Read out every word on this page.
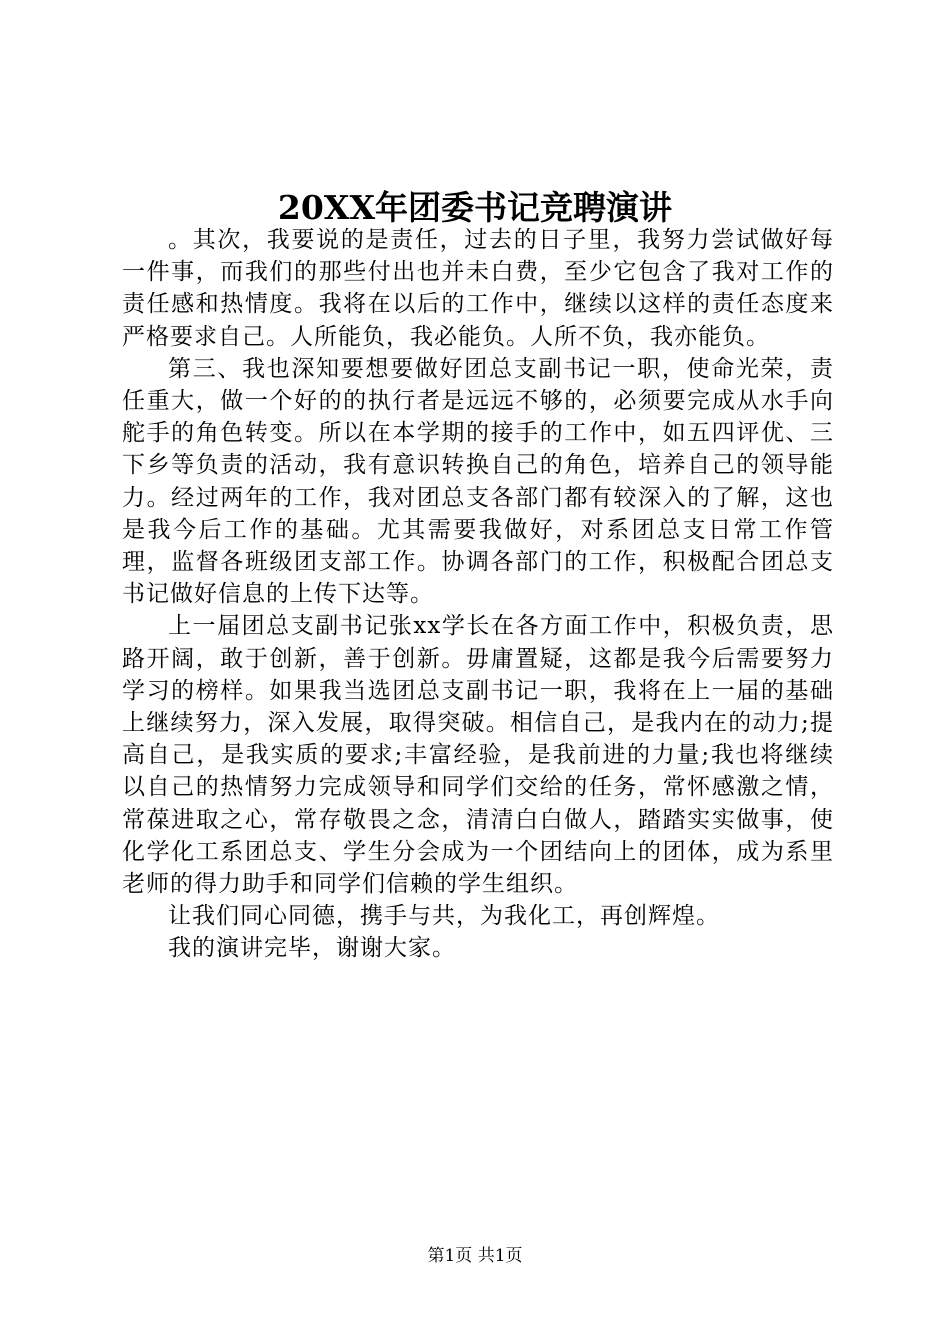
20XX年团委书记竞聘演讲

。其次，我要说的是责任，过去的日子里，我努力尝试做好每一件事，而我们的那些付出也并未白费，至少它包含了我对工作的责任感和热情度。我将在以后的工作中，继续以这样的责任态度来严格要求自己。人所能负，我必能负。人所不负，我亦能负。

第三、我也深知要想要做好团总支副书记一职，使命光荣，责任重大，做一个好的的执行者是远远不够的，必须要完成从水手向舵手的角色转变。所以在本学期的接手的工作中，如五四评优、三下乡等负责的活动，我有意识转换自己的角色，培养自己的领导能力。经过两年的工作，我对团总支各部门都有较深入的了解，这也是我今后工作的基础。尤其需要我做好，对系团总支日常工作管理，监督各班级团支部工作。协调各部门的工作，积极配合团总支书记做好信息的上传下达等。

上一届团总支副书记张xx学长在各方面工作中，积极负责，思路开阔，敢于创新，善于创新。毋庸置疑，这都是我今后需要努力学习的榜样。如果我当选团总支副书记一职，我将在上一届的基础上继续努力，深入发展，取得突破。相信自己，是我内在的动力;提高自己，是我实质的要求;丰富经验，是我前进的力量;我也将继续以自己的热情努力完成领导和同学们交给的任务，常怀感激之情，常葆进取之心，常存敬畏之念，清清白白做人，踏踏实实做事，使化学化工系团总支、学生分会成为一个团结向上的团体，成为系里老师的得力助手和同学们信赖的学生组织。

让我们同心同德，携手与共，为我化工，再创辉煌。

我的演讲完毕，谢谢大家。

第1页 共1页
